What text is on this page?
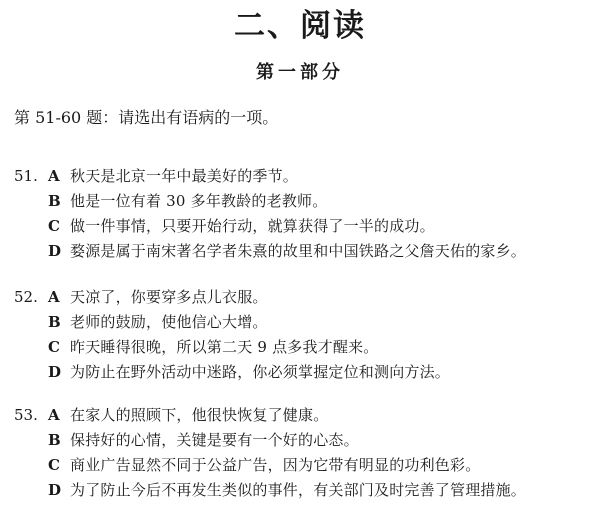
二、阅读
第一部分

第 51-60 题：请选出有语病的一项。

51. A 秋天是北京一年中最美好的季节。
B 他是一位有着 30 多年教龄的老教师。
C 做一件事情，只要开始行动，就算获得了一半的成功。
D 婺源是属于南宋著名学者朱熹的故里和中国铁路之父詹天佑的家乡。
52. A 天凉了，你要穿多点儿衣服。
B 老师的鼓励，使他信心大增。
C 昨天睡得很晚，所以第二天 9 点多我才醒来。
D 为防止在野外活动中迷路，你必须掌握定位和测向方法。
53. A 在家人的照顾下，他很快恢复了健康。
B 保持好的心情，关键是要有一个好的心态。
C 商业广告显然不同于公益广告，因为它带有明显的功利色彩。
D 为了防止今后不再发生类似的事件，有关部门及时完善了管理措施。
